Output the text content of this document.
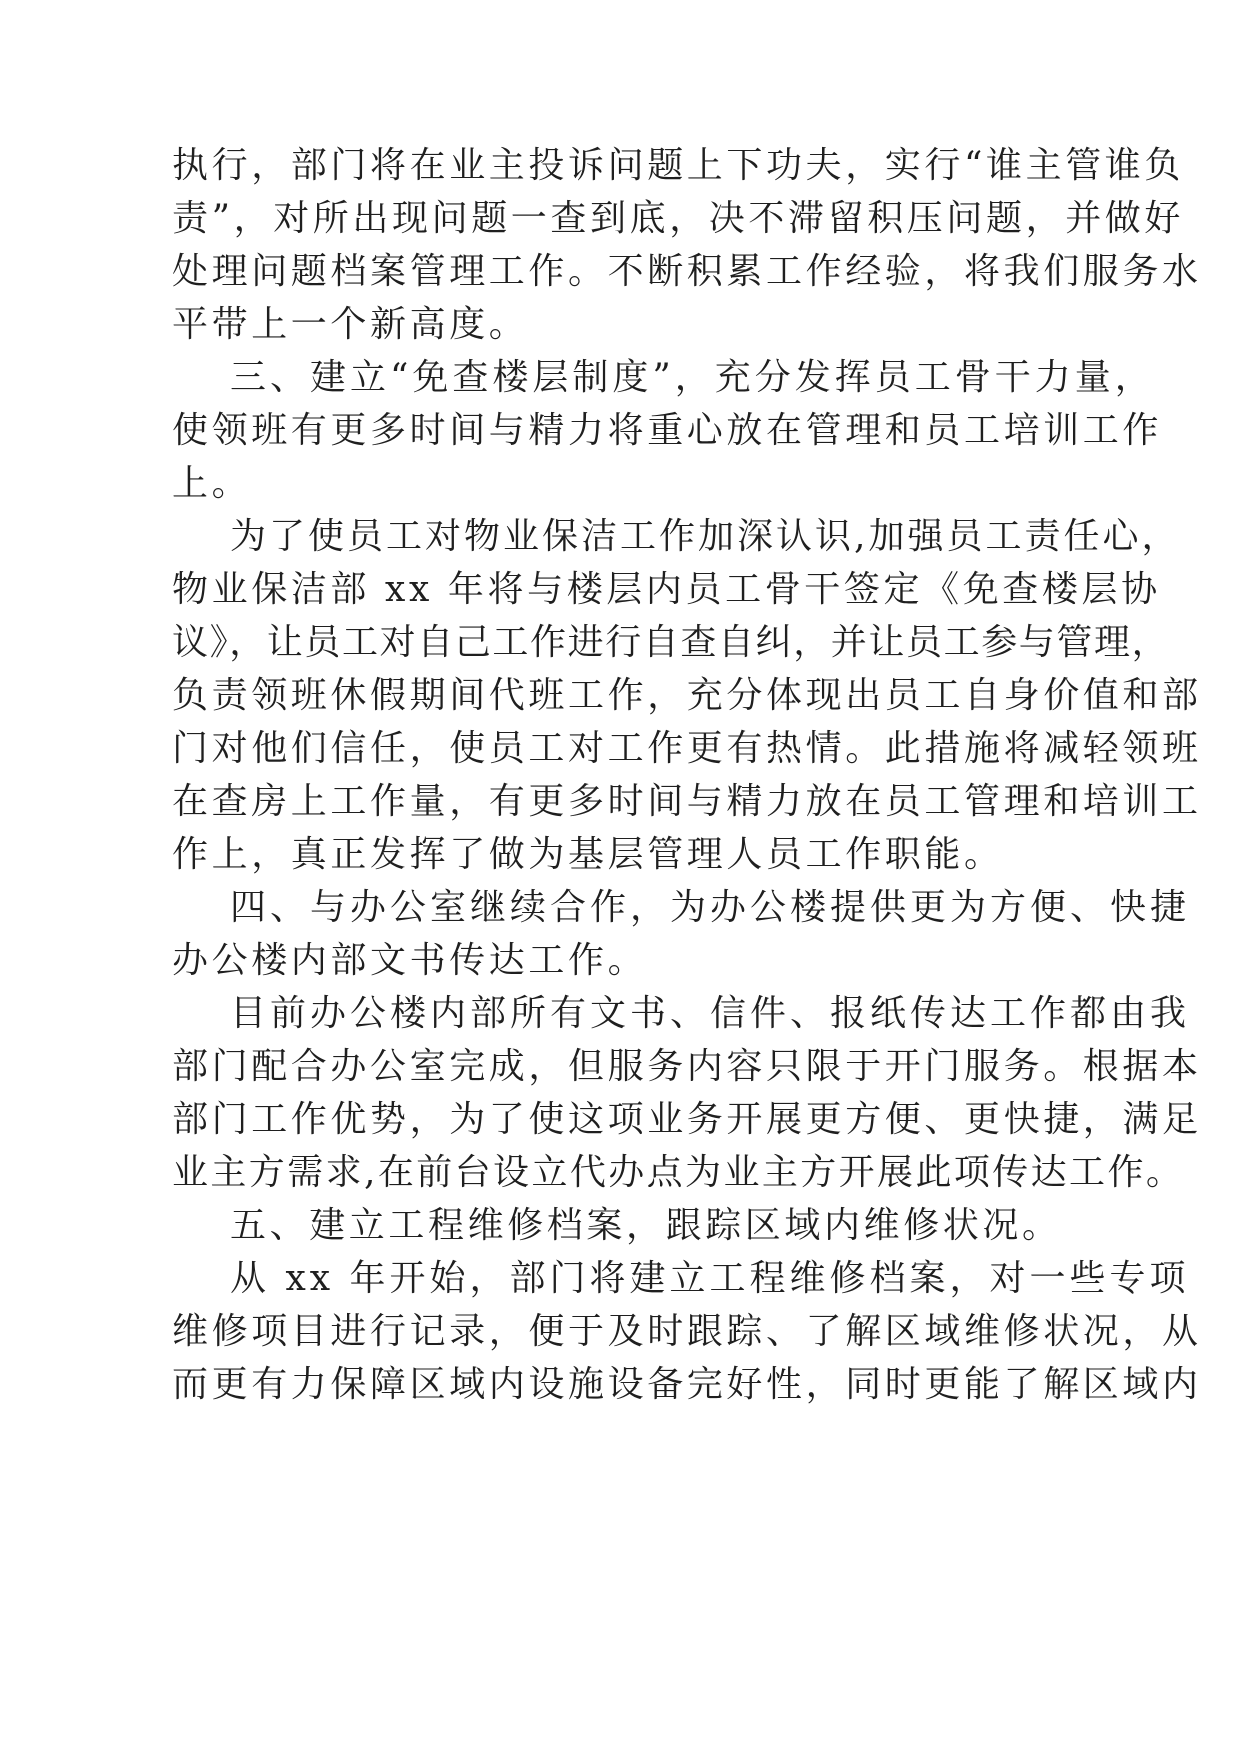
执行，部门将在业主投诉问题上下功夫，实行“谁主管谁负
责”，对所出现问题一查到底，决不滞留积压问题，并做好
处理问题档案管理工作。不断积累工作经验，将我们服务水
平带上一个新高度。
三、建立“免查楼层制度”，充分发挥员工骨干力量，
使领班有更多时间与精力将重心放在管理和员工培训工作
上。
为了使员工对物业保洁工作加深认识,加强员工责任心，
物业保洁部 xx 年将与楼层内员工骨干签定《免查楼层协
议》，让员工对自己工作进行自查自纠，并让员工参与管理，
负责领班休假期间代班工作，充分体现出员工自身价值和部
门对他们信任，使员工对工作更有热情。此措施将减轻领班
在查房上工作量，有更多时间与精力放在员工管理和培训工
作上，真正发挥了做为基层管理人员工作职能。
四、与办公室继续合作，为办公楼提供更为方便、快捷
办公楼内部文书传达工作。
目前办公楼内部所有文书、信件、报纸传达工作都由我
部门配合办公室完成，但服务内容只限于开门服务。根据本
部门工作优势，为了使这项业务开展更方便、更快捷，满足
业主方需求,在前台设立代办点为业主方开展此项传达工作。
五、建立工程维修档案，跟踪区域内维修状况。
从 xx 年开始，部门将建立工程维修档案，对一些专项
维修项目进行记录，便于及时跟踪、了解区域维修状况，从
而更有力保障区域内设施设备完好性，同时更能了解区域内
